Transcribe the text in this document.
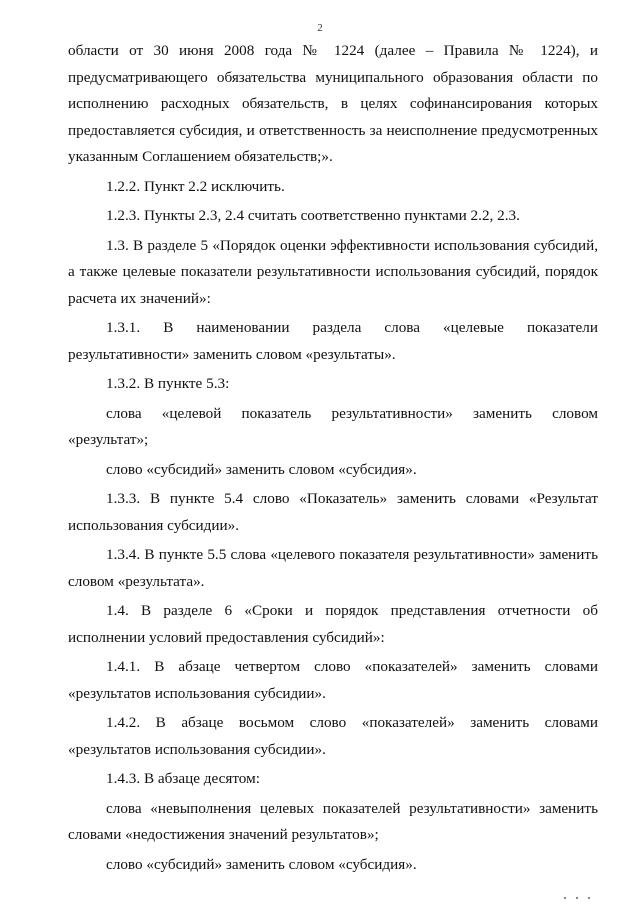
2

области от 30 июня 2008 года № 1224 (далее – Правила № 1224), и предусматривающего обязательства муниципального образования области по исполнению расходных обязательств, в целях софинансирования которых предоставляется субсидия, и ответственность за неисполнение предусмотренных указанным Соглашением обязательств;».

1.2.2. Пункт 2.2 исключить.

1.2.3. Пункты 2.3, 2.4 считать соответственно пунктами 2.2, 2.3.

1.3. В разделе 5 «Порядок оценки эффективности использования субсидий, а также целевые показатели результативности использования субсидий, порядок расчета их значений»:

1.3.1. В наименовании раздела слова «целевые показатели результативности» заменить словом «результаты».

1.3.2. В пункте 5.3:

слова «целевой показатель результативности» заменить словом «результат»;

слово «субсидий» заменить словом «субсидия».

1.3.3. В пункте 5.4 слово «Показатель» заменить словами «Результат использования субсидии».

1.3.4. В пункте 5.5 слова «целевого показателя результативности» заменить словом «результата».

1.4. В разделе 6 «Сроки и порядок представления отчетности об исполнении условий предоставления субсидий»:

1.4.1. В абзаце четвертом слово «показателей» заменить словами «результатов использования субсидии».

1.4.2. В абзаце восьмом слово «показателей» заменить словами «результатов использования субсидии».

1.4.3. В абзаце десятом:

слова «невыполнения целевых показателей результативности» заменить словами «недостижения значений результатов»;

слово «субсидий» заменить словом «субсидия».
